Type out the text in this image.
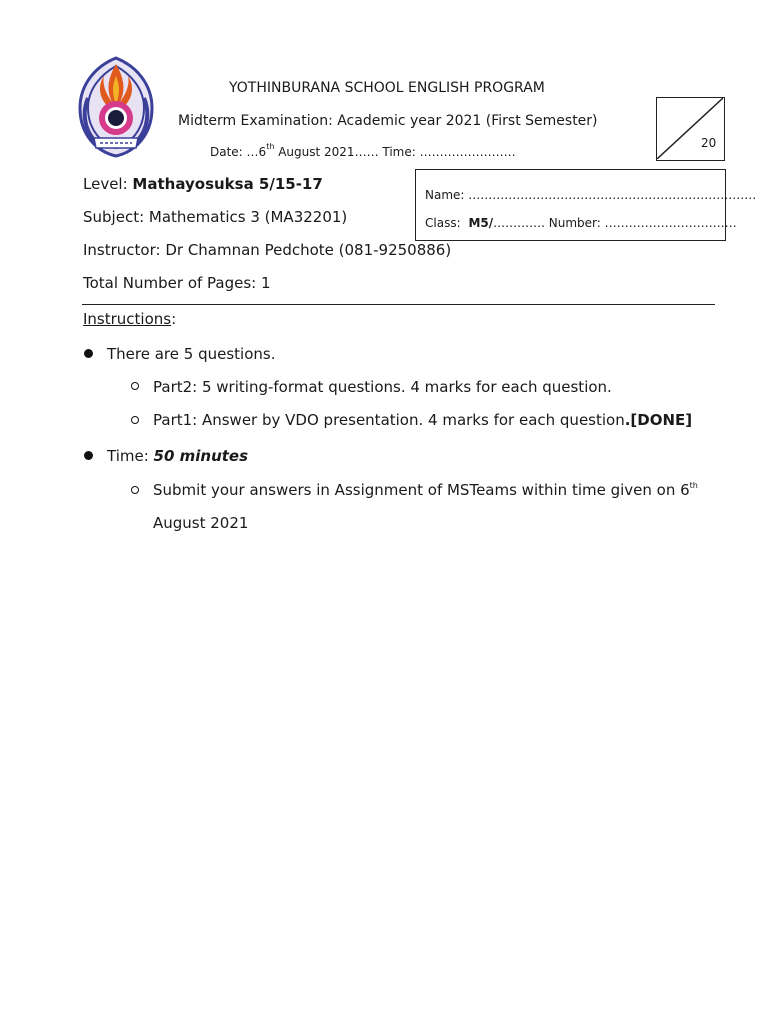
YOTHINBURANA SCHOOL ENGLISH PROGRAM
Midterm Examination: Academic year 2021 (First Semester)
Date: …6th August 2021…… Time: ……………………
20
Name: ………………………………………………………………
Class: M5/…………. Number: ……………………………
Level: Mathayosuksa 5/15-17
Subject: Mathematics 3 (MA32201)
Instructor: Dr Chamnan Pedchote (081-9250886)
Total Number of Pages: 1
Instructions:
There are 5 questions.
Part2: 5 writing-format questions. 4 marks for each question.
Part1: Answer by VDO presentation. 4 marks for each question.[DONE]
Time: 50 minutes
Submit your answers in Assignment of MSTeams within time given on 6th
August 2021
